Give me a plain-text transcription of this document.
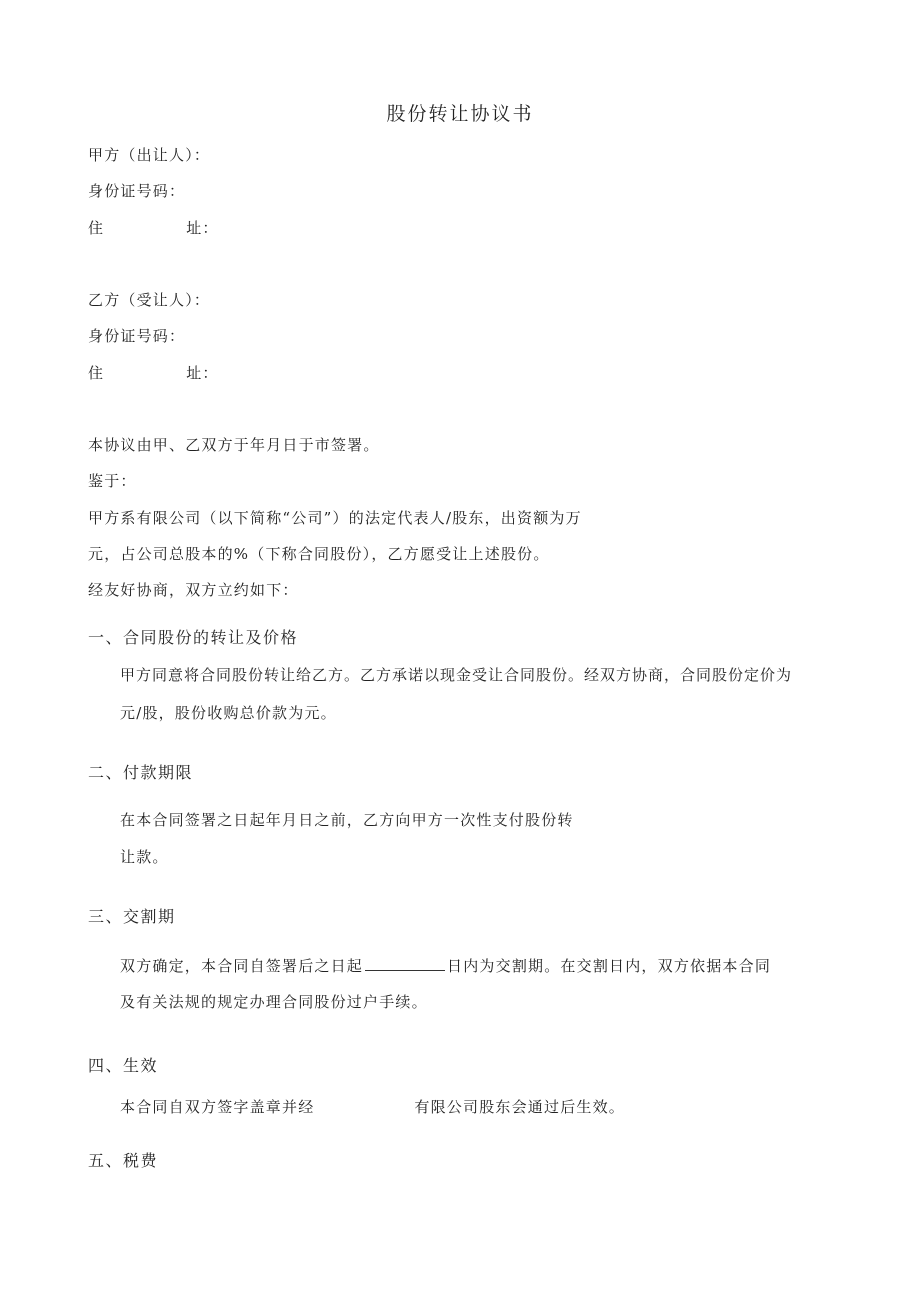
股份转让协议书

甲方（出让人）：

身份证号码：

住	址：

乙方（受让人）：

身份证号码：

住	址：

本协议由甲、乙双方于年月日于市签署。

鉴于：

甲方系有限公司（以下简称“公司”）的法定代表人/股东，出资额为万

元，占公司总股本的%（下称合同股份），乙方愿受让上述股份。

经友好协商，双方立约如下：

一、合同股份的转让及价格

甲方同意将合同股份转让给乙方。乙方承诺以现金受让合同股份。经双方协商，合同股份定价为

元/股，股份收购总价款为元。

二、付款期限

在本合同签署之日起年月日之前，乙方向甲方一次性支付股份转

让款。

三、交割期

双方确定，本合同自签署后之日起	日内为交割期。在交割日内，双方依据本合同

及有关法规的规定办理合同股份过户手续。

四、生效

本合同自双方签字盖章并经	有限公司股东会通过后生效。

五、税费
